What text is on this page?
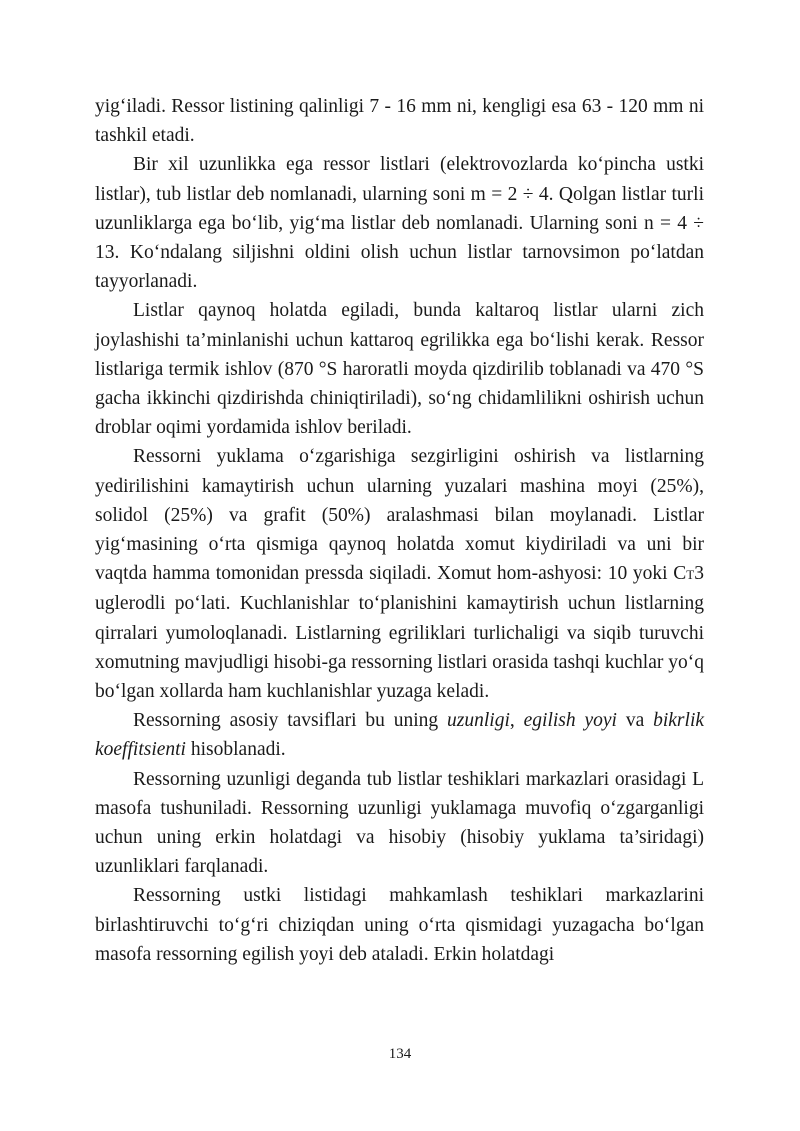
yig‘iladi. Ressor listining qalinligi 7 - 16 mm ni, kengligi esa 63 - 120 mm ni tashkil etadi.

Bir xil uzunlikka ega ressor listlari (elektrovozlarda ko‘pincha ustki listlar), tub listlar deb nomlanadi, ularning soni m = 2 ÷ 4. Qolgan listlar turli uzunliklarga ega bo‘lib, yig‘ma listlar deb nomlanadi. Ularning soni n = 4 ÷ 13. Ko‘ndalang siljishni oldini olish uchun listlar tarnovsimon po‘latdan tayyorlanadi.

Listlar qaynoq holatda egiladi, bunda kaltaroq listlar ularni zich joylashishi ta’minlanishi uchun kattaroq egrilikka ega bo‘lishi kerak. Ressor listlariga termik ishlov (870 °S haroratli moyda qizdirilib toblanadi va 470 °S gacha ikkinchi qizdirishda chiniqtiriladi), so‘ng chidamlilikni oshirish uchun droblar oqimi yordamida ishlov beriladi.

Ressorni yuklama o‘zgarishiga sezgirligini oshirish va listlarning yedirilishini kamaytirish uchun ularning yuzalari mashina moyi (25%), solidol (25%) va grafit (50%) aralashmasi bilan moylanadi. Listlar yig‘masining o‘rta qismiga qaynoq holatda xomut kiydiriladi va uni bir vaqtda hamma tomonidan pressda siqiladi. Xomut hom-ashyosi: 10 yoki CT3 uglerodli po‘lati. Kuchlanishlar to‘planishini kamaytirish uchun listlarning qirralari yumoloqlanadi. Listlarning egriliklari turlichaligi va siqib turuvchi xomutning mavjudligi hisobi-ga ressorning listlari orasida tashqi kuchlar yo‘q bo‘lgan xollarda ham kuchlanishlar yuzaga keladi.

Ressorning asosiy tavsiflari bu uning uzunligi, egilish yoyi va bikrlik koeffitsienti hisoblanadi.

Ressorning uzunligi deganda tub listlar teshiklari markazlari orasidagi L masofa tushuniladi. Ressorning uzunligi yuklamaga muvofiq o‘zgarganligi uchun uning erkin holatdagi va hisobiy (hisobiy yuklama ta’siridagi) uzunliklari farqlanadi.

Ressorning ustki listidagi mahkamlash teshiklari markazlarini birlashtiruvchi to‘g‘ri chiziqdan uning o‘rta qismidagi yuzagacha bo‘lgan masofa ressorning egilish yoyi deb ataladi. Erkin holatdagi

134
